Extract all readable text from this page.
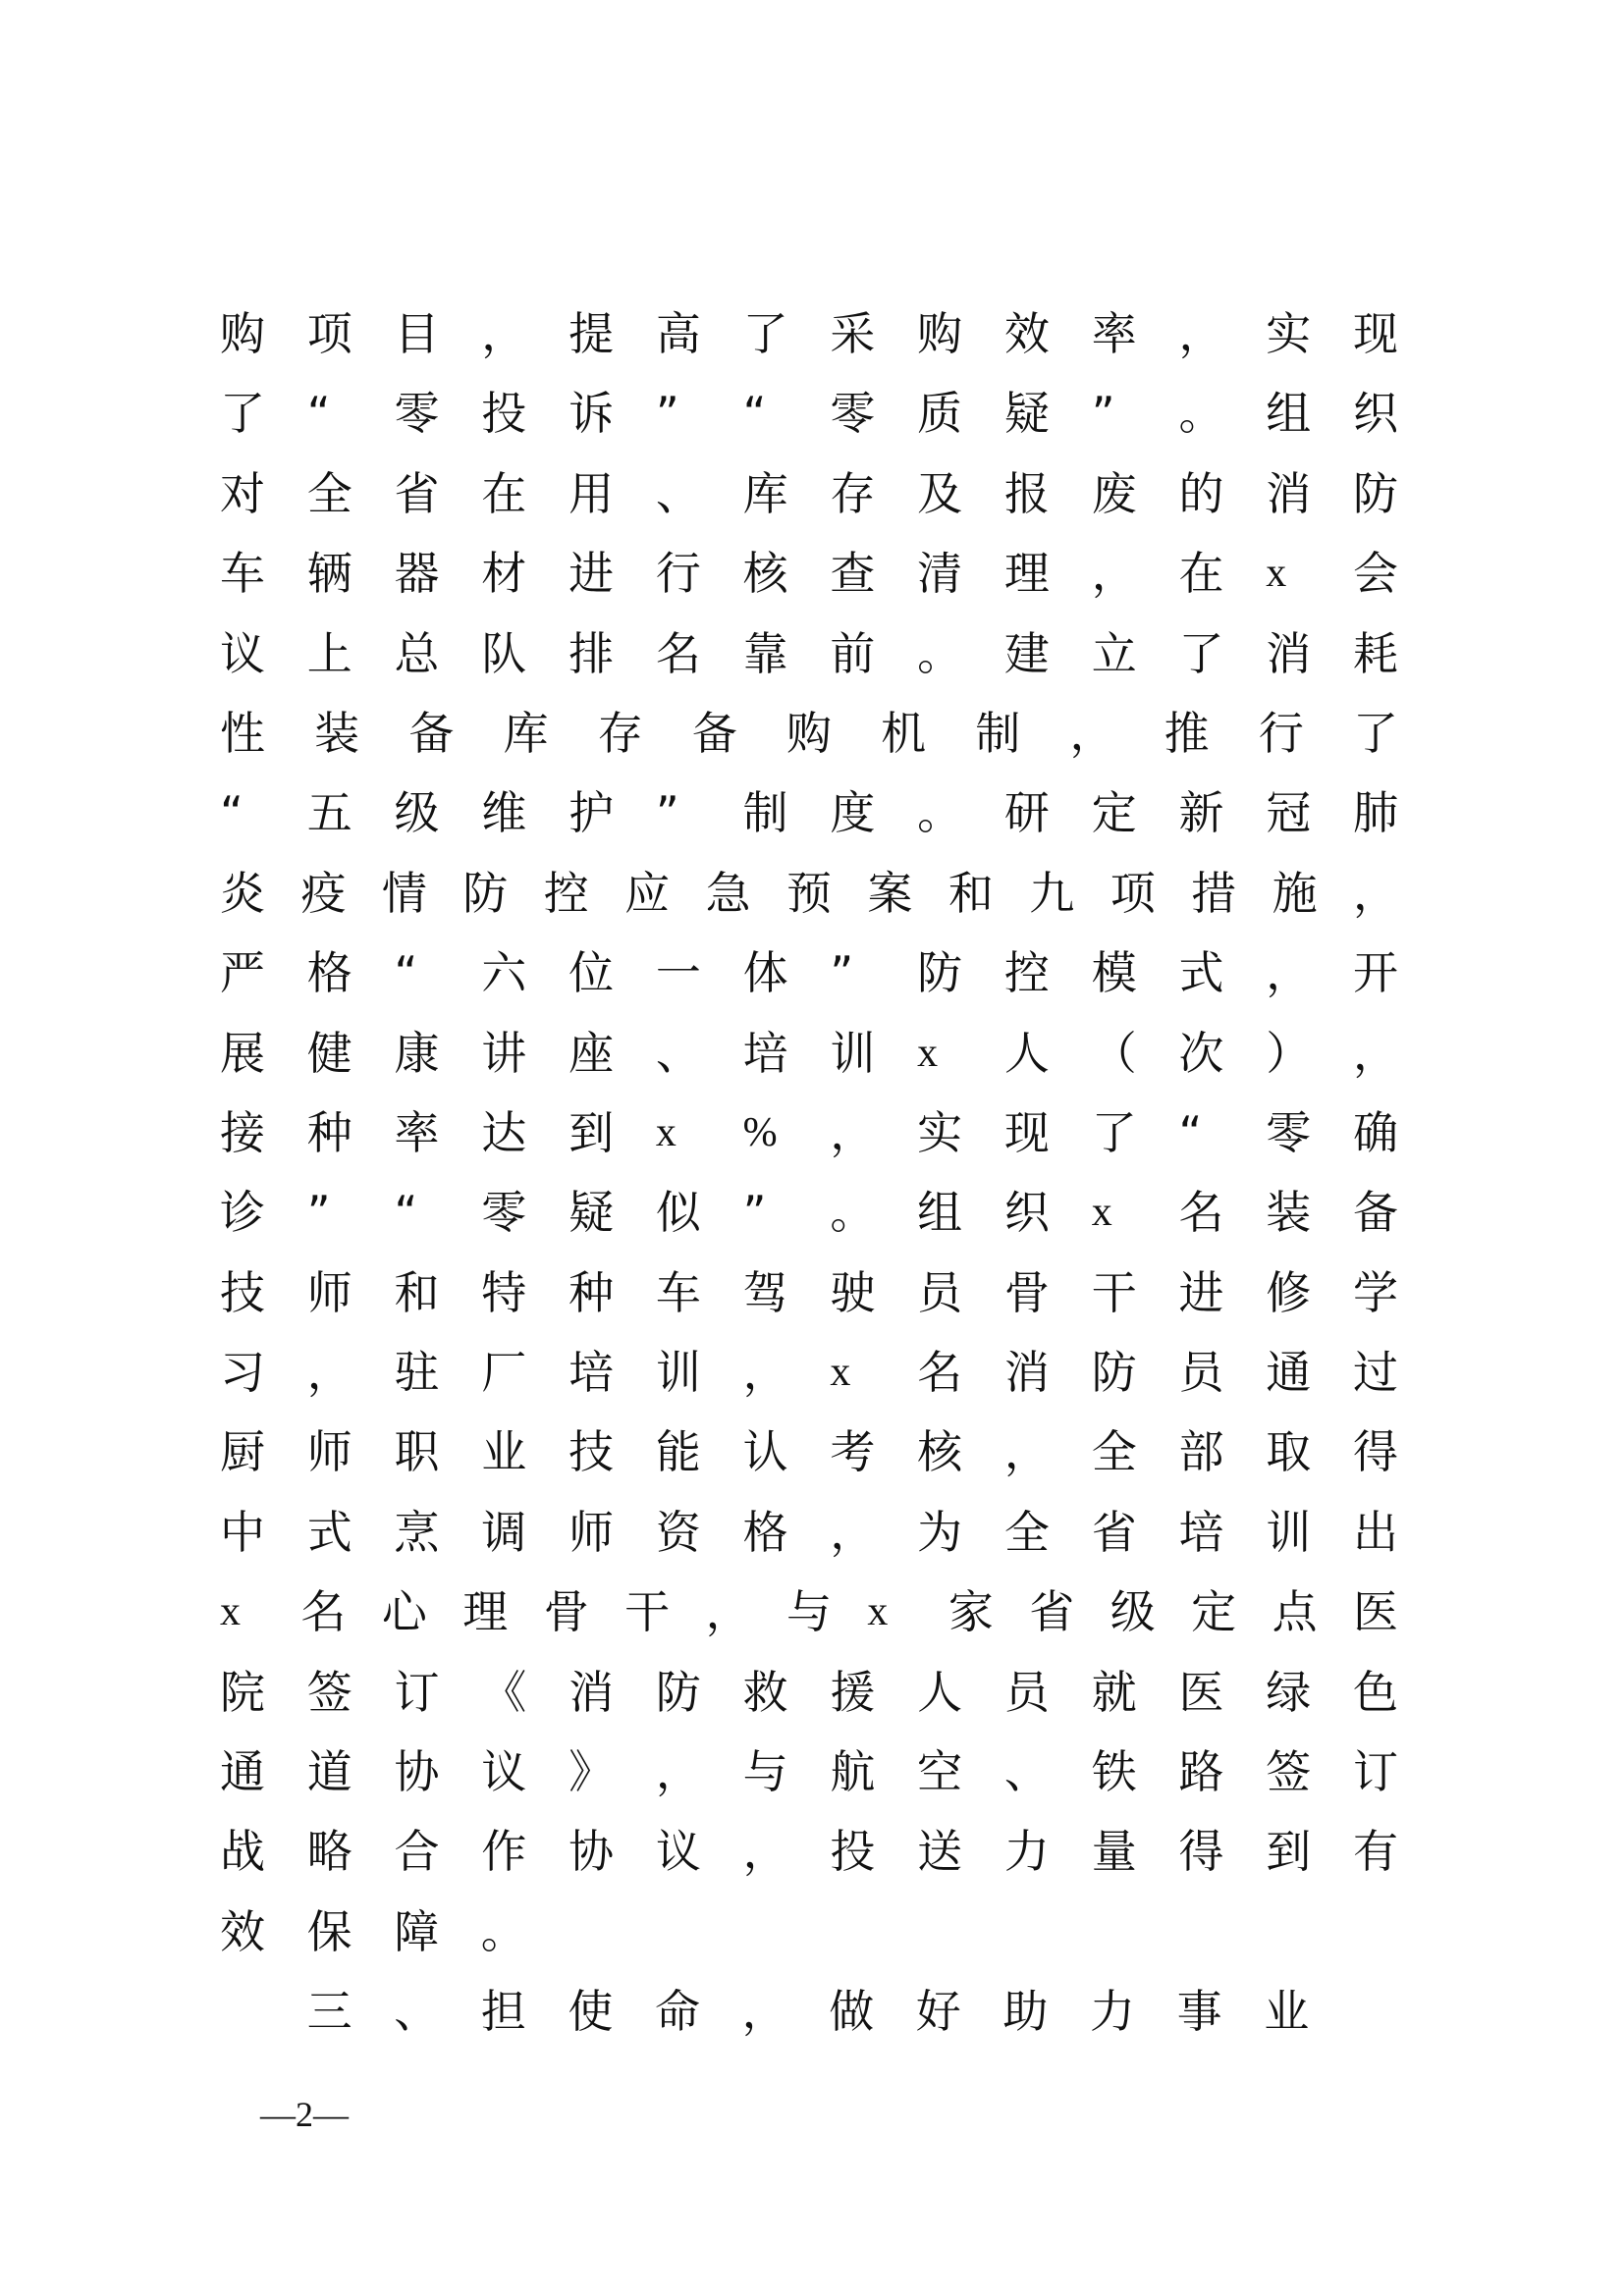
购 项 目 ， 提 高 了 采 购 效 率 ， 实 现
了 “ 零 投 诉 ” “ 零 质 疑 ” 。 组 织
对 全 省 在 用 、 库 存 及 报 废 的 消 防
车 辆 器 材 进 行 核 查 清 理 ， 在 x 会
议 上 总 队 排 名 靠 前 。 建 立 了 消 耗
性 装 备 库 存 备 购 机 制 ， 推 行 了
“ 五 级 维 护 ” 制 度 。 研 定 新 冠 肺
炎 疫 情 防 控 应 急 预 案 和 九 项 措 施 ，
严 格 “ 六 位 一 体 ” 防 控 模 式 ， 开
展 健 康 讲 座 、 培 训 x 人 （ 次 ） ，
接 种 率 达 到 x % ， 实 现 了 “ 零 确
诊 ” “ 零 疑 似 ” 。 组 织 x 名 装 备
技 师 和 特 种 车 驾 驶 员 骨 干 进 修 学
习 ， 驻 厂 培 训 ， x 名 消 防 员 通 过
厨 师 职 业 技 能 认 考 核 ， 全 部 取 得
中 式 烹 调 师 资 格 ， 为 全 省 培 训 出
x 名 心 理 骨 干 ， 与 x 家 省 级 定 点 医
院 签 订 《 消 防 救 援 人 员 就 医 绿 色
通 道 协 议 》 ， 与 航 空 、 铁 路 签 订
战 略 合 作 协 议 ， 投 送 力 量 得 到 有
效 保 障 。

三 、 担 使 命 ， 做 好 助 力 事 业
—2—
